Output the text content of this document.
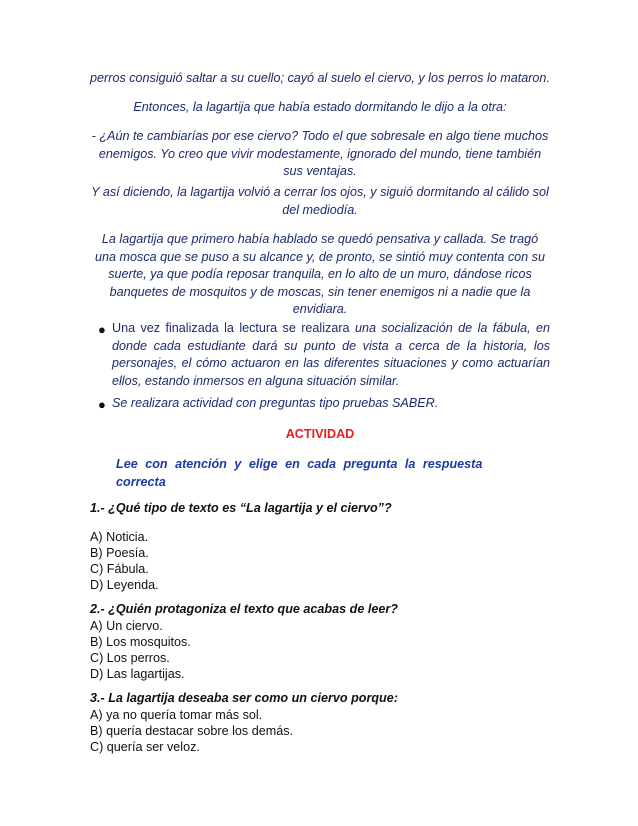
perros consiguió saltar a su cuello; cayó al suelo el ciervo, y los perros lo mataron.

Entonces, la lagartija que había estado dormitando le dijo a la otra:

- ¿Aún te cambiarías por ese ciervo? Todo el que sobresale en algo tiene muchos enemigos. Yo creo que vivir modestamente, ignorado del mundo, tiene también sus ventajas.

Y así diciendo, la lagartija volvió a cerrar los ojos, y siguió dormitando al cálido sol del mediodía.

La lagartija que primero había hablado se quedó pensativa y callada. Se tragó una mosca que se puso a su alcance y, de pronto, se sintió muy contenta con su suerte, ya que podía reposar tranquila, en lo alto de un muro, dándose ricos banquetes de mosquitos y de moscas, sin tener enemigos ni a nadie que la envidiara.

● Una vez finalizada la lectura se realizara una socialización de la fábula, en donde cada estudiante dará su punto de vista a cerca de la historia, los personajes, el cómo actuaron en las diferentes situaciones y como actuarían ellos, estando inmersos en alguna situación similar.

● Se realizara actividad con preguntas tipo pruebas SABER.

ACTIVIDAD

Lee con atención y elige en cada pregunta la respuesta correcta

1.- ¿Qué tipo de texto es “La lagartija y el ciervo”?

A) Noticia.

B) Poesía.

C) Fábula.

D) Leyenda.

2.- ¿Quién protagoniza el texto que acabas de leer?

A) Un ciervo.

B) Los mosquitos.

C) Los perros.

D) Las lagartijas.

3.- La lagartija deseaba ser como un ciervo porque:

A) ya no quería tomar más sol.

B) quería destacar sobre los demás.

C) quería ser veloz.
